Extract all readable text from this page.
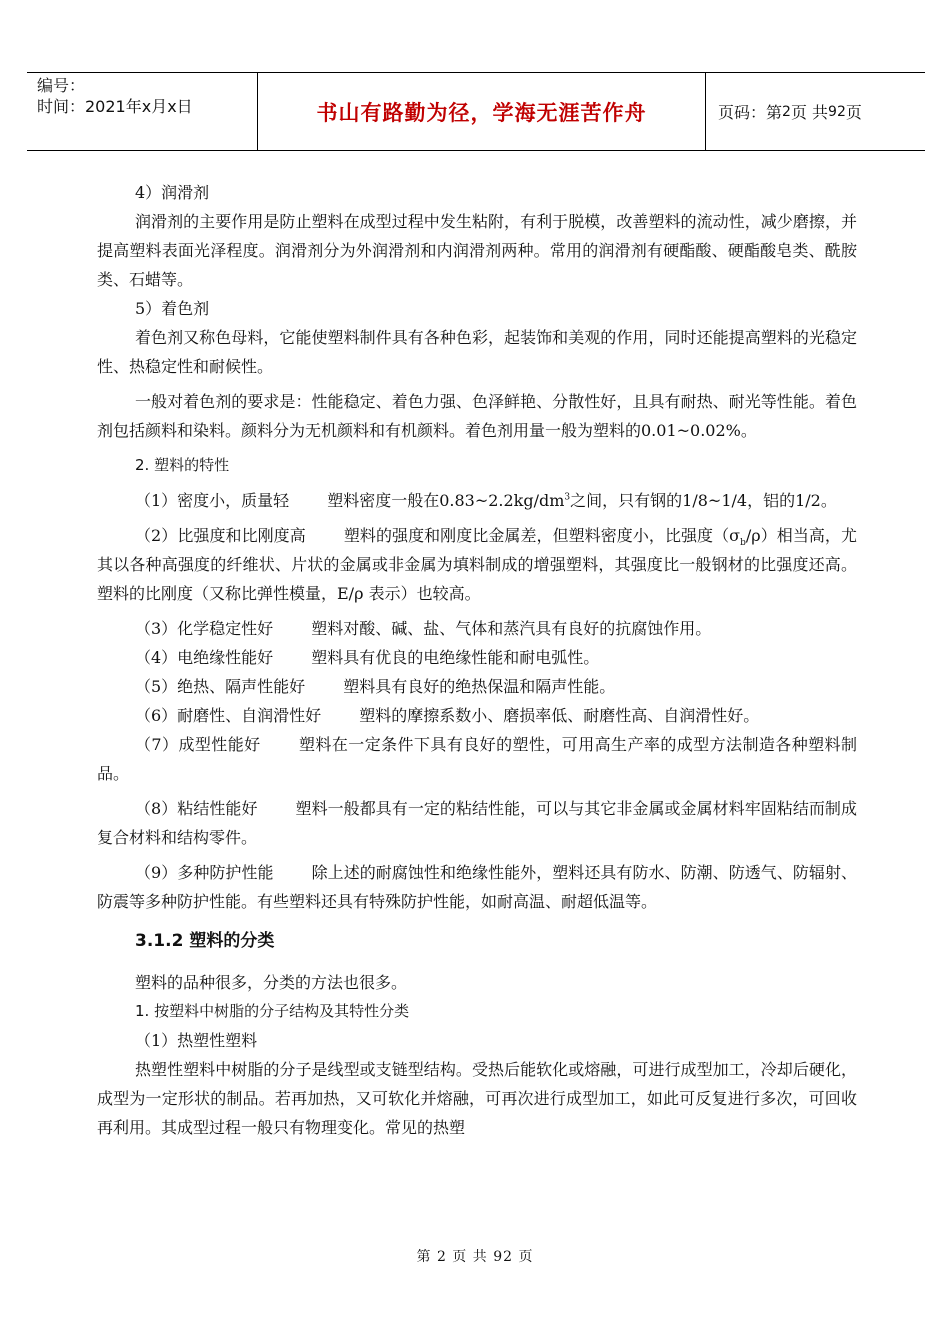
编号：
时间：2021年x月x日	书山有路勤为径，学海无涯苦作舟	页码：第 2 页 共 92 页

4）润滑剂

润滑剂的主要作用是防止塑料在成型过程中发生粘附，有利于脱模，改善塑料的流动性，减少磨擦，并提高塑料表面光泽程度。润滑剂分为外润滑剂和内润滑剂两种。常用的润滑剂有硬酯酸、硬酯酸皂类、酰胺类、石蜡等。

5）着色剂

着色剂又称色母料，它能使塑料制件具有各种色彩，起装饰和美观的作用，同时还能提高塑料的光稳定性、热稳定性和耐候性。

一般对着色剂的要求是：性能稳定、着色力强、色泽鲜艳、分散性好，且具有耐热、耐光等性能。着色剂包括颜料和染料。颜料分为无机颜料和有机颜料。着色剂用量一般为塑料的0.01~0.02%。

2. 塑料的特性

（1）密度小，质量轻 塑料密度一般在$0.83\sim 2.2kg/dm^3$之间，只有钢的1/8~1/4，铝的1/2。

（2）比强度和比刚度高 塑料的强度和刚度比金属差，但塑料密度小，比强度$(\sigma_b/\rho)$相当高，尤其以各种高强度的纤维状、片状的金属或非金属为填料制成的增强塑料，其强度比一般钢材的比强度还高。塑料的比刚度（又称比弹性模量，E/ρ 表示）也较高。

（3）化学稳定性好 塑料对酸、碱、盐、气体和蒸汽具有良好的抗腐蚀作用。

（4）电绝缘性能好 塑料具有优良的电绝缘性能和耐电弧性。

（5）绝热、隔声性能好 塑料具有良好的绝热保温和隔声性能。

（6）耐磨性、自润滑性好 塑料的摩擦系数小、磨损率低、耐磨性高、自润滑性好。

（7）成型性能好 塑料在一定条件下具有良好的塑性，可用高生产率的成型方法制造各种塑料制品。

（8）粘结性能好 塑料一般都具有一定的粘结性能，可以与其它非金属或金属材料牢固粘结而制成复合材料和结构零件。

（9）多种防护性能 除上述的耐腐蚀性和绝缘性能外，塑料还具有防水、防潮、防透气、防辐射、防震等多种防护性能。有些塑料还具有特殊防护性能，如耐高温、耐超低温等。

3.1.2 塑料的分类

塑料的品种很多，分类的方法也很多。

1. 按塑料中树脂的分子结构及其特性分类

（1）热塑性塑料

热塑性塑料中树脂的分子是线型或支链型结构。受热后能软化或熔融，可进行成型加工，冷却后硬化，成型为一定形状的制品。若再加热，又可软化并熔融，可再次进行成型加工，如此可反复进行多次，可回收再利用。其成型过程一般只有物理变化。常见的热塑

第 2 页 共 92 页
